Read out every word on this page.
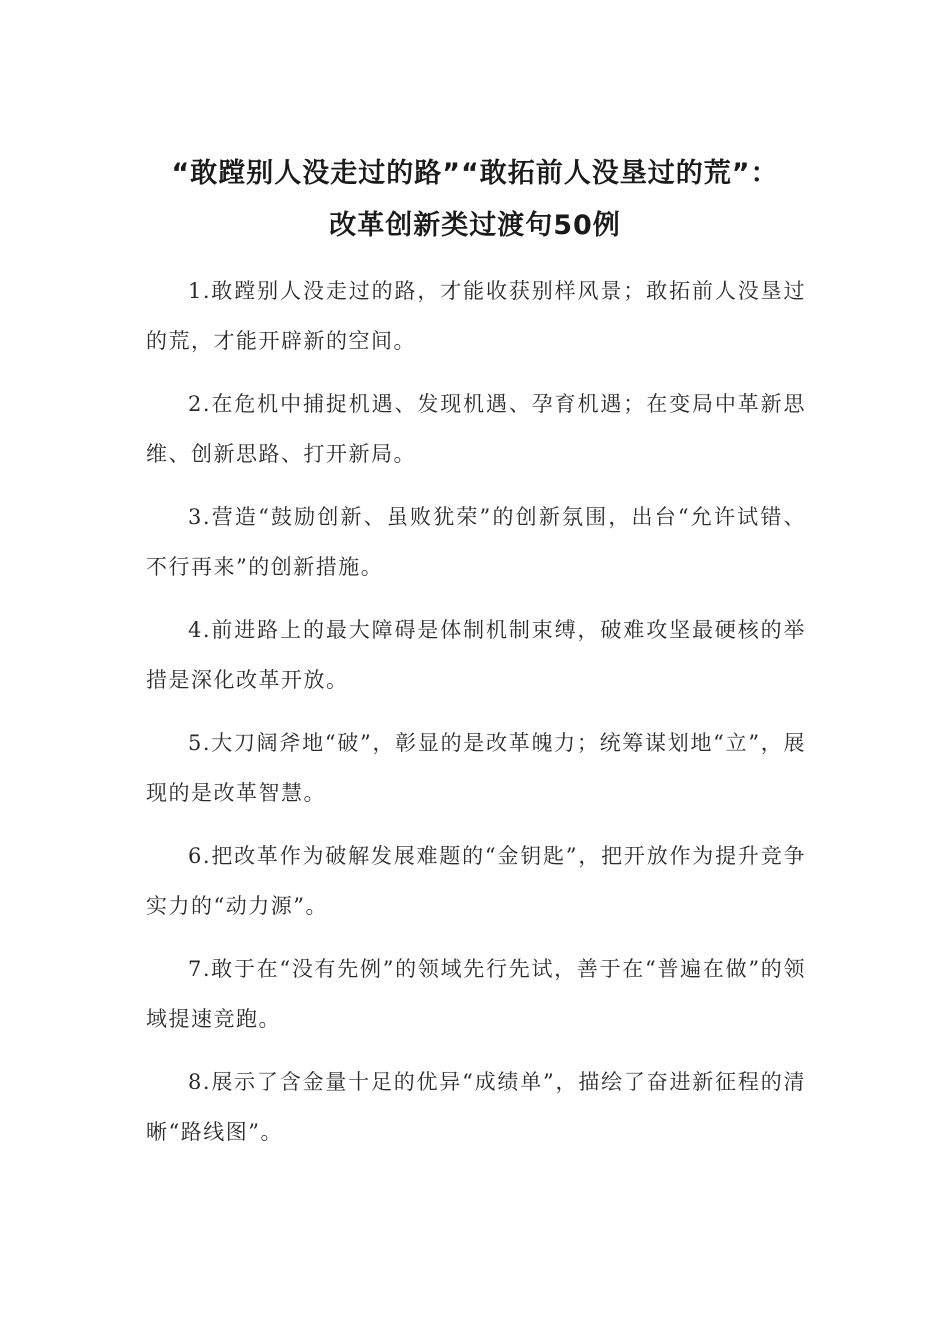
“敢蹚别人没走过的路”“敢拓前人没垦过的荒”：
改革创新类过渡句50例

1.敢蹚别人没走过的路，才能收获别样风景；敢拓前人没垦过的荒，才能开辟新的空间。

2.在危机中捕捉机遇、发现机遇、孕育机遇；在变局中革新思维、创新思路、打开新局。

3.营造“鼓励创新、虽败犹荣”的创新氛围，出台“允许试错、不行再来”的创新措施。

4.前进路上的最大障碍是体制机制束缚，破难攻坚最硬核的举措是深化改革开放。

5.大刀阔斧地“破”，彰显的是改革魄力；统筹谋划地“立”，展现的是改革智慧。

6.把改革作为破解发展难题的“金钥匙”，把开放作为提升竞争实力的“动力源”。

7.敢于在“没有先例”的领域先行先试，善于在“普遍在做”的领域提速竞跑。

8.展示了含金量十足的优异“成绩单”，描绘了奋进新征程的清晰“路线图”。
